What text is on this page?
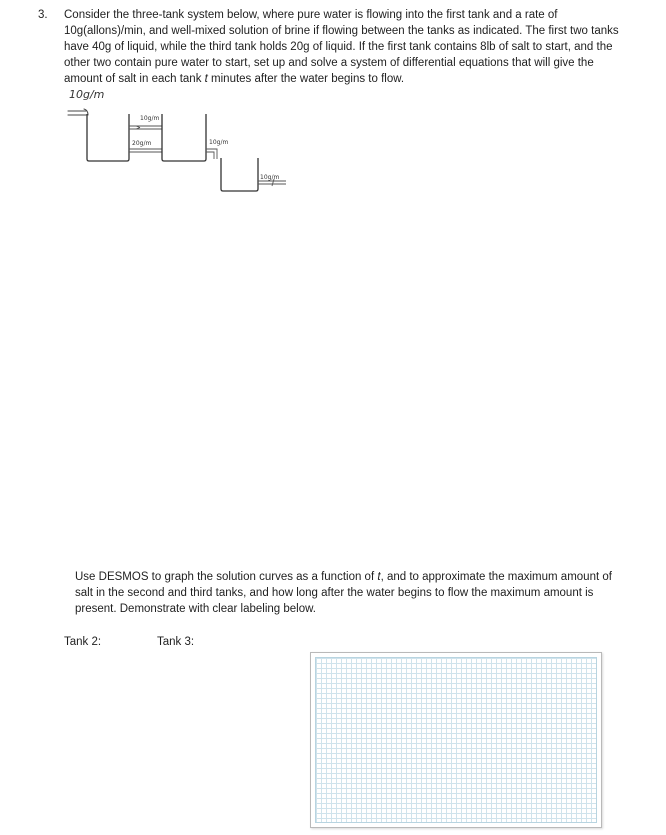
3. Consider the three-tank system below, where pure water is flowing into the first tank and a rate of 10g(allons)/min, and well-mixed solution of brine if flowing between the tanks as indicated. The first two tanks have 40g of liquid, while the third tank holds 20g of liquid. If the first tank contains 8lb of salt to start, and the other two contain pure water to start, set up and solve a system of differential equations that will give the amount of salt in each tank t minutes after the water begins to flow.

10g/m
10g/m
20g/m	10g/m
10g/m

Use DESMOS to graph the solution curves as a function of t, and to approximate the maximum amount of salt in the second and third tanks, and how long after the water begins to flow the maximum amount is present. Demonstrate with clear labeling below.

Tank 2:	Tank 3:
